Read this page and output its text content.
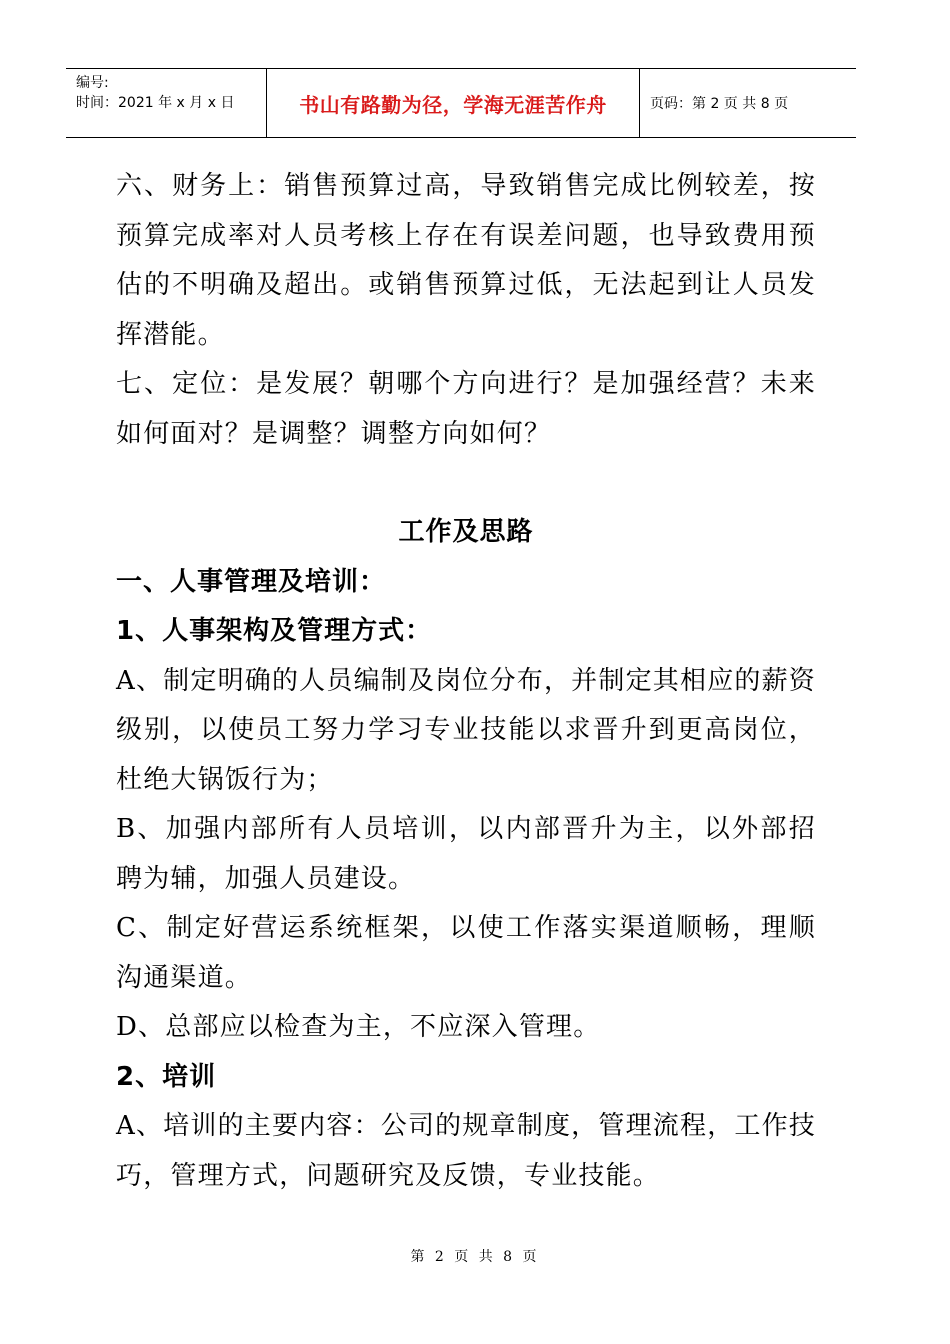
编号:
时间：2021 年 x 月 x 日	书山有路勤为径，学海无涯苦作舟	页码：第 2 页 共 8 页

六、财务上：销售预算过高，导致销售完成比例较差，按预算完成率对人员考核上存在有误差问题，也导致费用预估的不明确及超出。或销售预算过低，无法起到让人员发挥潜能。

七、定位：是发展？朝哪个方向进行？是加强经营？未来如何面对？是调整？调整方向如何？

工作及思路

一、人事管理及培训：

1、人事架构及管理方式：

A、制定明确的人员编制及岗位分布，并制定其相应的薪资级别，以使员工努力学习专业技能以求晋升到更高岗位，杜绝大锅饭行为；

B、加强内部所有人员培训，以内部晋升为主，以外部招聘为辅，加强人员建设。

C、制定好营运系统框架，以使工作落实渠道顺畅，理顺沟通渠道。

D、总部应以检查为主，不应深入管理。

2、培训

A、培训的主要内容：公司的规章制度，管理流程，工作技巧，管理方式，问题研究及反馈，专业技能。

第 2 页 共 8 页
